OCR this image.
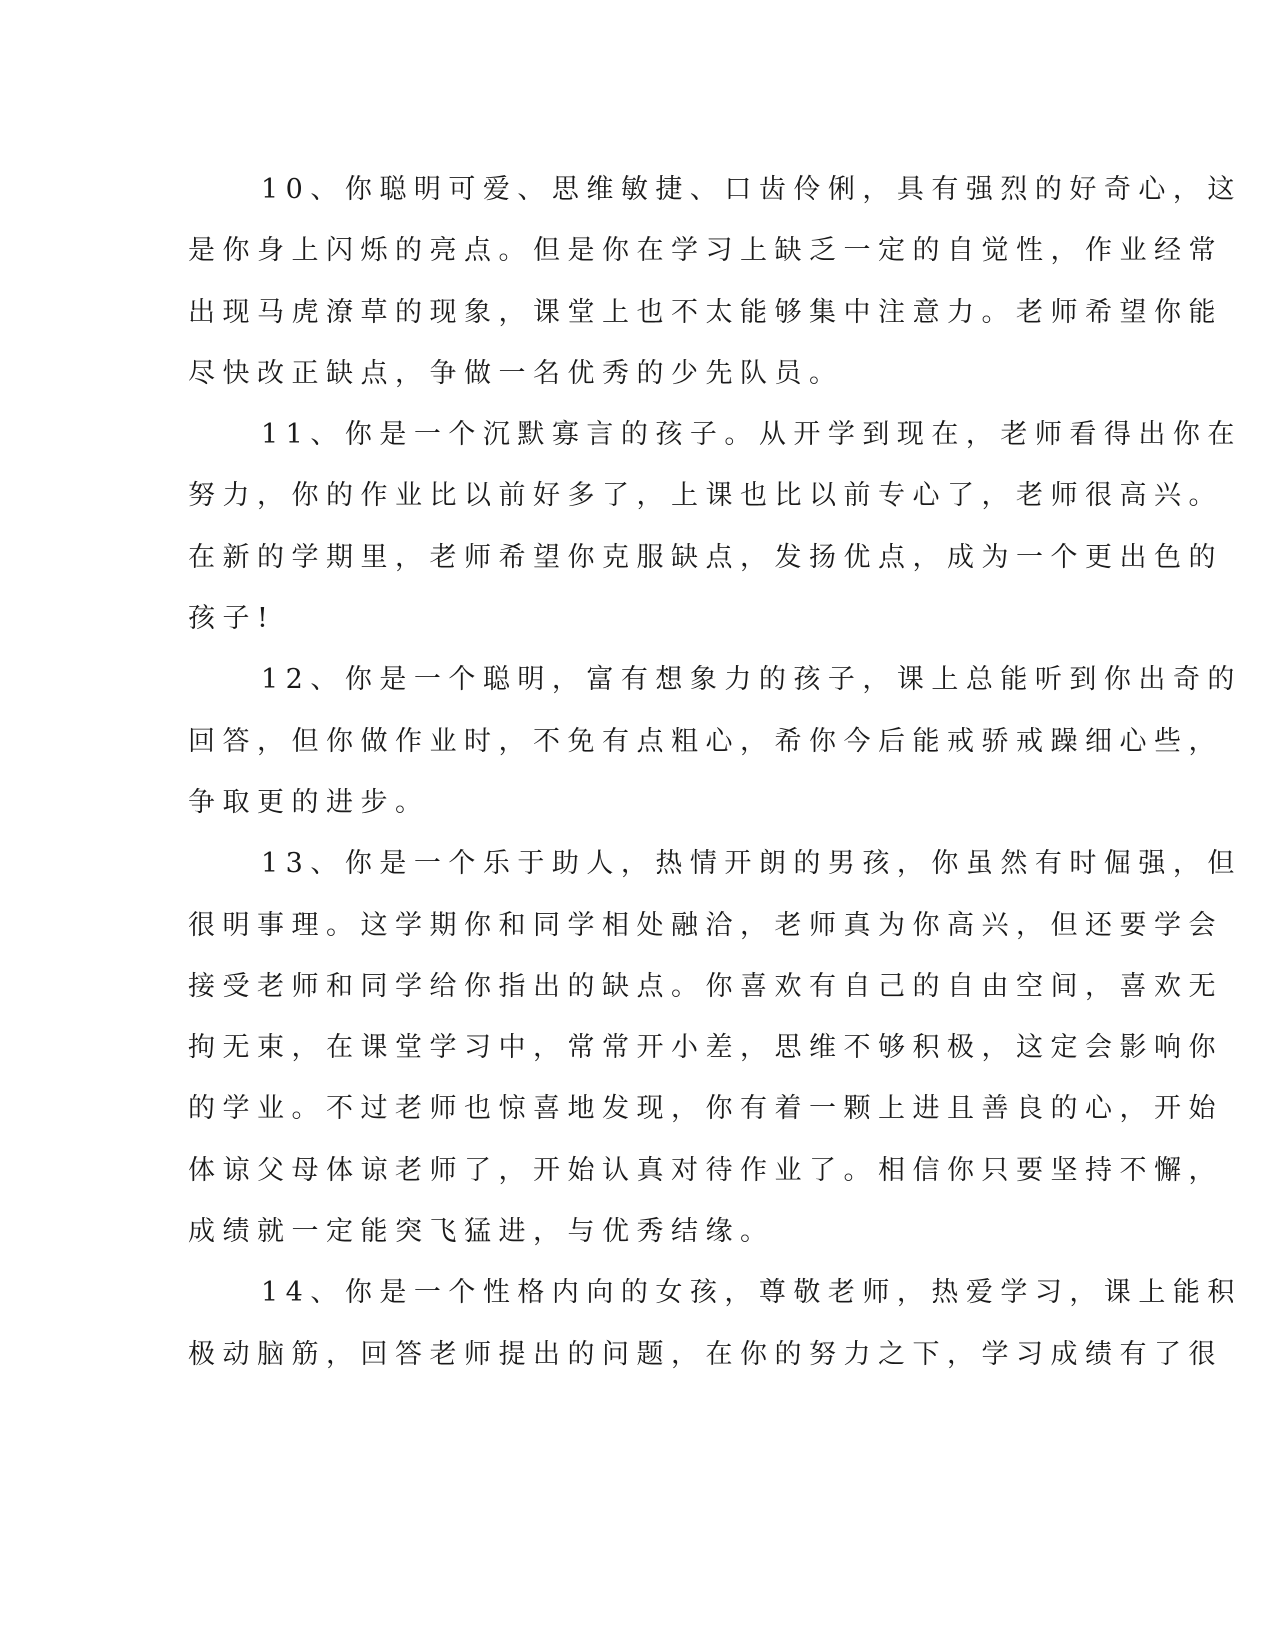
10、你聪明可爱、思维敏捷、口齿伶俐，具有强烈的好奇心，这
是你身上闪烁的亮点。但是你在学习上缺乏一定的自觉性，作业经常
出现马虎潦草的现象，课堂上也不太能够集中注意力。老师希望你能
尽快改正缺点，争做一名优秀的少先队员。
11、你是一个沉默寡言的孩子。从开学到现在，老师看得出你在
努力，你的作业比以前好多了，上课也比以前专心了，老师很高兴。
在新的学期里，老师希望你克服缺点，发扬优点，成为一个更出色的
孩子!
12、你是一个聪明，富有想象力的孩子，课上总能听到你出奇的
回答，但你做作业时，不免有点粗心，希你今后能戒骄戒躁细心些，
争取更的进步。
13、你是一个乐于助人，热情开朗的男孩，你虽然有时倔强，但
很明事理。这学期你和同学相处融洽，老师真为你高兴，但还要学会
接受老师和同学给你指出的缺点。你喜欢有自己的自由空间，喜欢无
拘无束，在课堂学习中，常常开小差，思维不够积极，这定会影响你
的学业。不过老师也惊喜地发现，你有着一颗上进且善良的心，开始
体谅父母体谅老师了，开始认真对待作业了。相信你只要坚持不懈，
成绩就一定能突飞猛进，与优秀结缘。
14、你是一个性格内向的女孩，尊敬老师，热爱学习，课上能积
极动脑筋，回答老师提出的问题，在你的努力之下，学习成绩有了很
